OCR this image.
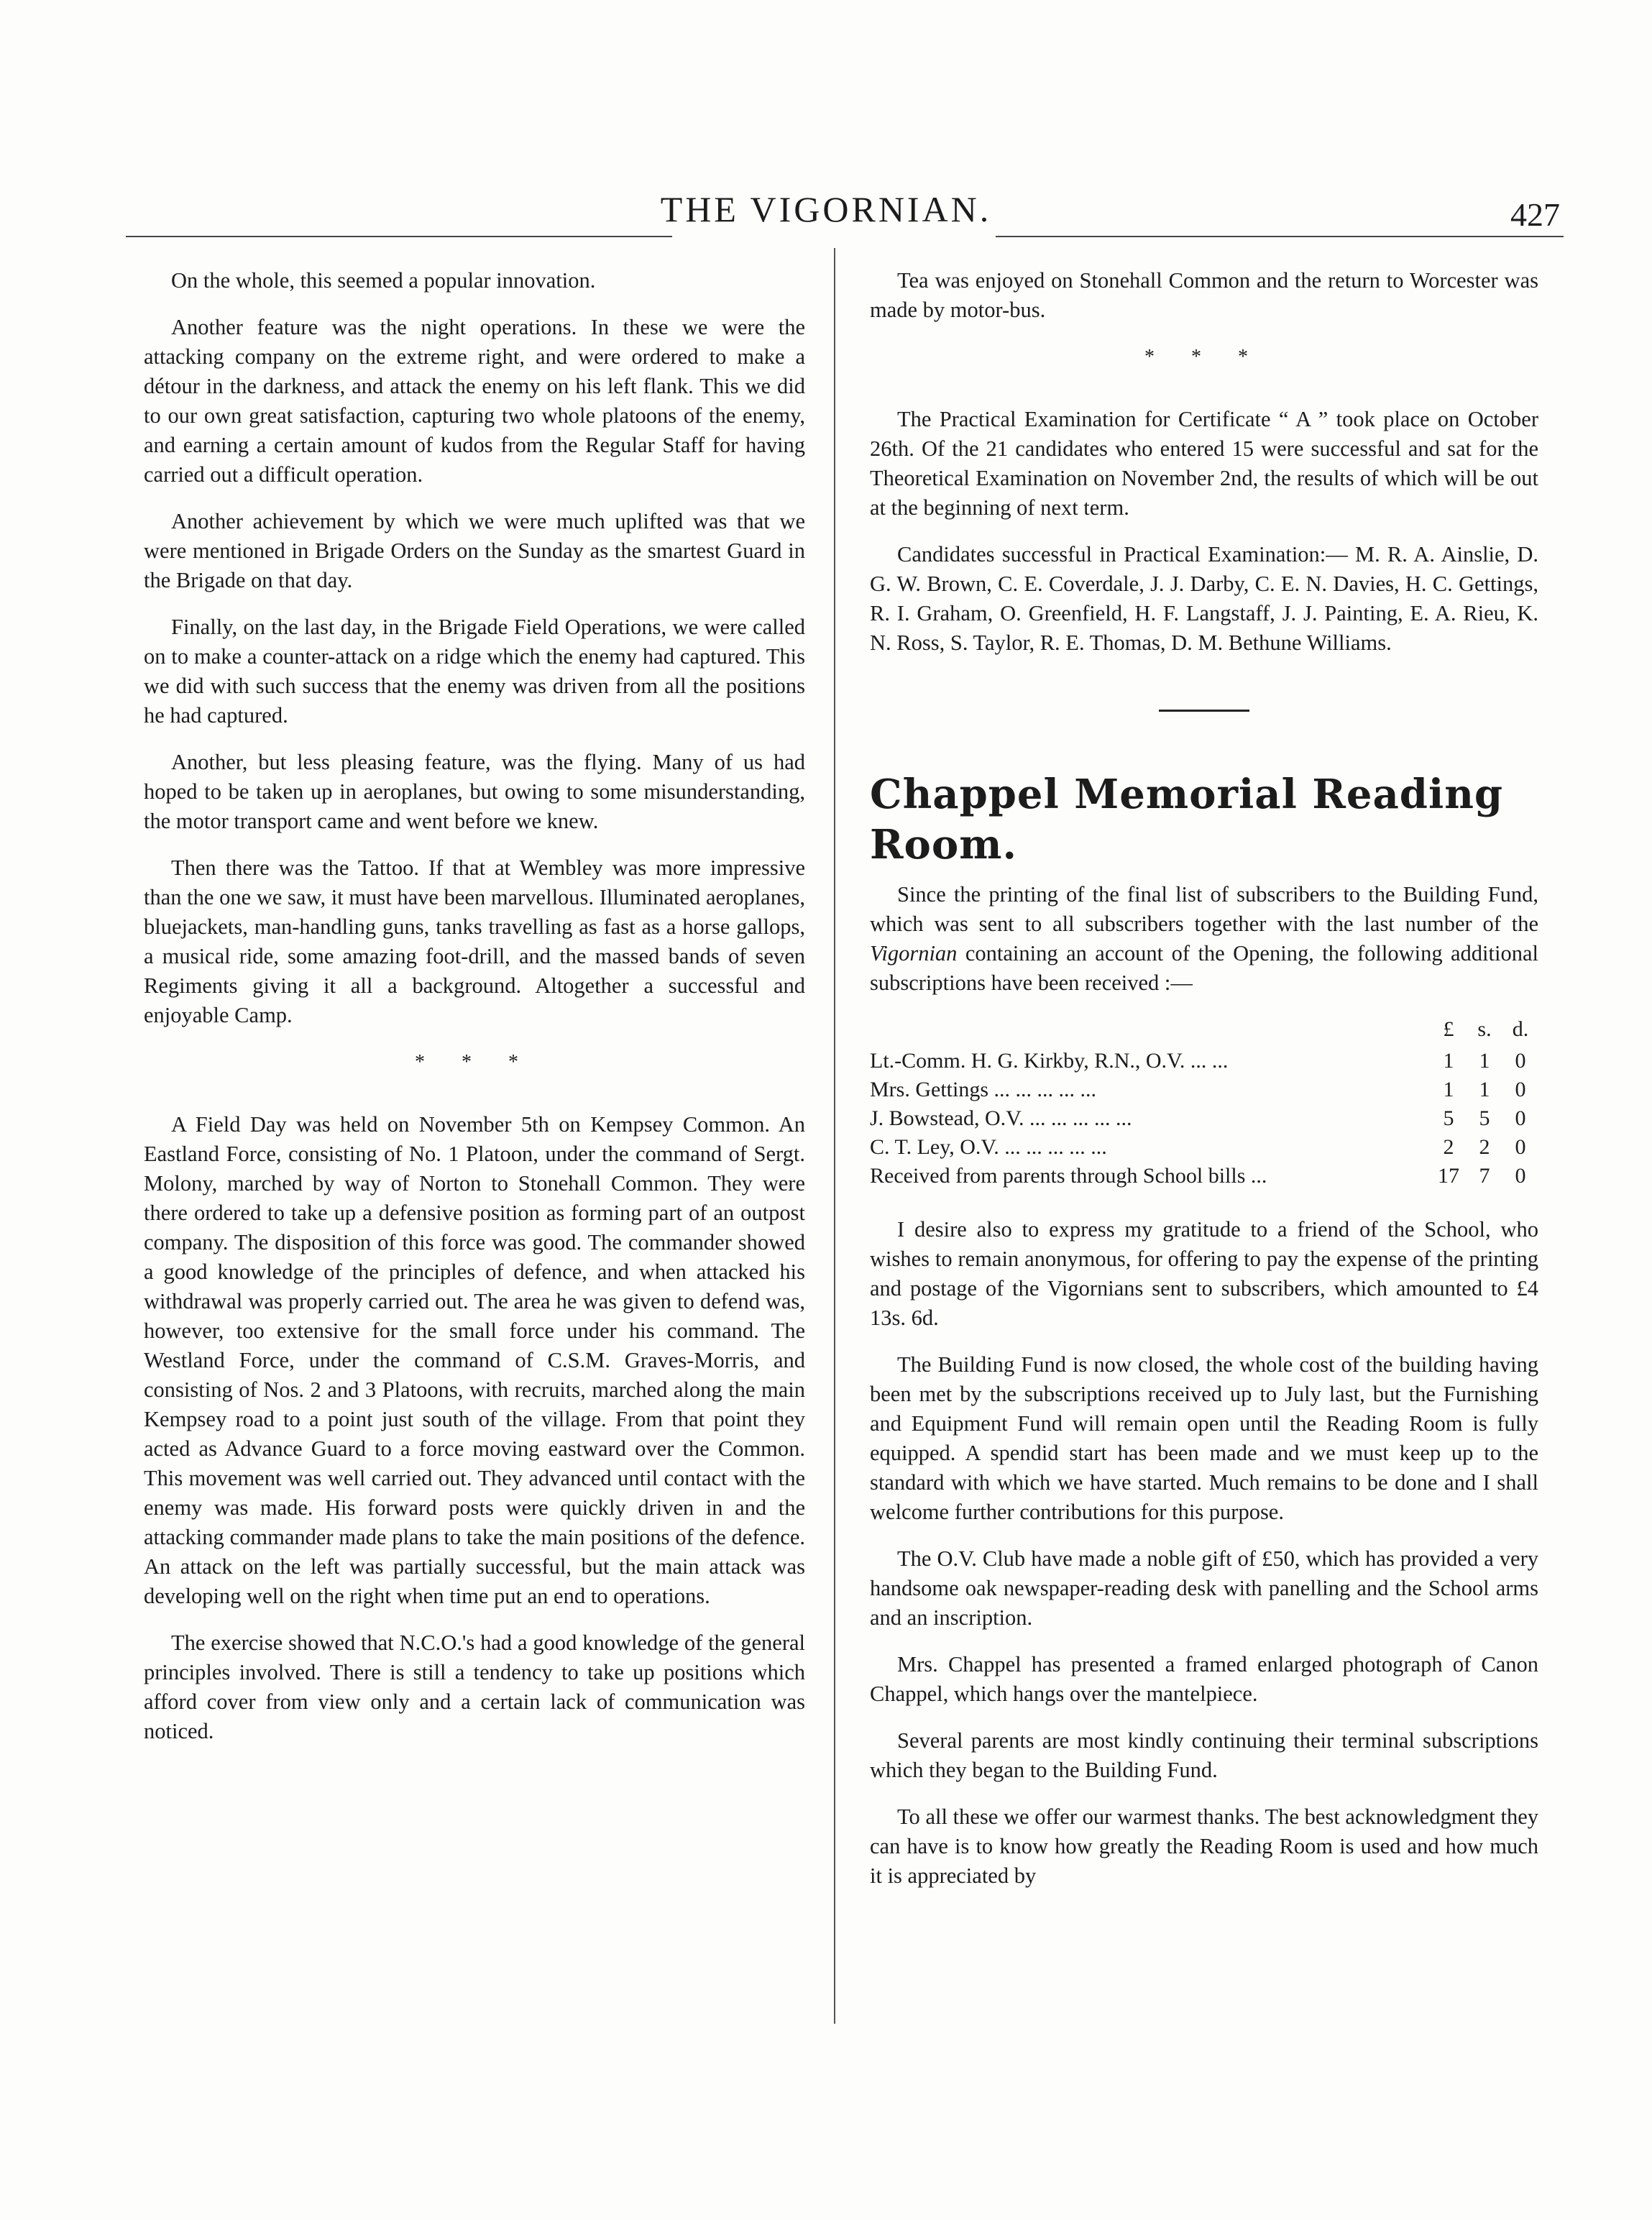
THE VIGORNIAN.	427

On the whole, this seemed a popular innovation.

Another feature was the night operations. In these we were the attacking company on the extreme right, and were ordered to make a détour in the darkness, and attack the enemy on his left flank. This we did to our own great satisfaction, capturing two whole platoons of the enemy, and earning a certain amount of kudos from the Regular Staff for having carried out a difficult operation.

Another achievement by which we were much uplifted was that we were mentioned in Brigade Orders on the Sunday as the smartest Guard in the Brigade on that day.

Finally, on the last day, in the Brigade Field Operations, we were called on to make a counter-attack on a ridge which the enemy had captured. This we did with such success that the enemy was driven from all the positions he had captured.

Another, but less pleasing feature, was the flying. Many of us had hoped to be taken up in aeroplanes, but owing to some misunderstanding, the motor transport came and went before we knew.

Then there was the Tattoo. If that at Wembley was more impressive than the one we saw, it must have been marvellous. Illuminated aeroplanes, bluejackets, man-handling guns, tanks travelling as fast as a horse gallops, a musical ride, some amazing foot-drill, and the massed bands of seven Regiments giving it all a background. Altogether a successful and enjoyable Camp.

* * *

A Field Day was held on November 5th on Kempsey Common. An Eastland Force, consisting of No. 1 Platoon, under the command of Sergt. Molony, marched by way of Norton to Stonehall Common. They were there ordered to take up a defensive position as forming part of an outpost company. The disposition of this force was good. The commander showed a good knowledge of the principles of defence, and when attacked his withdrawal was properly carried out. The area he was given to defend was, however, too extensive for the small force under his command. The Westland Force, under the command of C.S.M. Graves-Morris, and consisting of Nos. 2 and 3 Platoons, with recruits, marched along the main Kempsey road to a point just south of the village. From that point they acted as Advance Guard to a force moving eastward over the Common. This movement was well carried out. They advanced until contact with the enemy was made. His forward posts were quickly driven in and the attacking commander made plans to take the main positions of the defence. An attack on the left was partially successful, but the main attack was developing well on the right when time put an end to operations.

The exercise showed that N.C.O.'s had a good knowledge of the general principles involved. There is still a tendency to take up positions which afford cover from view only and a certain lack of communication was noticed.

Tea was enjoyed on Stonehall Common and the return to Worcester was made by motor-bus.

* * *

The Practical Examination for Certificate “ A ” took place on October 26th. Of the 21 candidates who entered 15 were successful and sat for the Theoretical Examination on November 2nd, the results of which will be out at the beginning of next term.

Candidates successful in Practical Examination:— M. R. A. Ainslie, D. G. W. Brown, C. E. Coverdale, J. J. Darby, C. E. N. Davies, H. C. Gettings, R. I. Graham, O. Greenfield, H. F. Langstaff, J. J. Painting, E. A. Rieu, K. N. Ross, S. Taylor, R. E. Thomas, D. M. Bethune Williams.

Chappel Memorial Reading Room.

Since the printing of the final list of subscribers to the Building Fund, which was sent to all subscribers together with the last number of the Vigornian containing an account of the Opening, the following additional subscriptions have been received :—

	£	s.	d.
Lt.-Comm. H. G. Kirkby, R.N., O.V. ... ...	1	1	0
Mrs. Gettings ... ... ... ... ...	1	1	0
J. Bowstead, O.V. ... ... ... ... ...	5	5	0
C. T. Ley, O.V. ... ... ... ... ...	2	2	0
Received from parents through School bills ...	17	7	0

I desire also to express my gratitude to a friend of the School, who wishes to remain anonymous, for offering to pay the expense of the printing and postage of the Vigornians sent to subscribers, which amounted to £4 13s. 6d.

The Building Fund is now closed, the whole cost of the building having been met by the subscriptions received up to July last, but the Furnishing and Equipment Fund will remain open until the Reading Room is fully equipped. A spendid start has been made and we must keep up to the standard with which we have started. Much remains to be done and I shall welcome further contributions for this purpose.

The O.V. Club have made a noble gift of £50, which has provided a very handsome oak newspaper-reading desk with panelling and the School arms and an inscription.

Mrs. Chappel has presented a framed enlarged photograph of Canon Chappel, which hangs over the mantelpiece.

Several parents are most kindly continuing their terminal subscriptions which they began to the Building Fund.

To all these we offer our warmest thanks. The best acknowledgment they can have is to know how greatly the Reading Room is used and how much it is appreciated by
